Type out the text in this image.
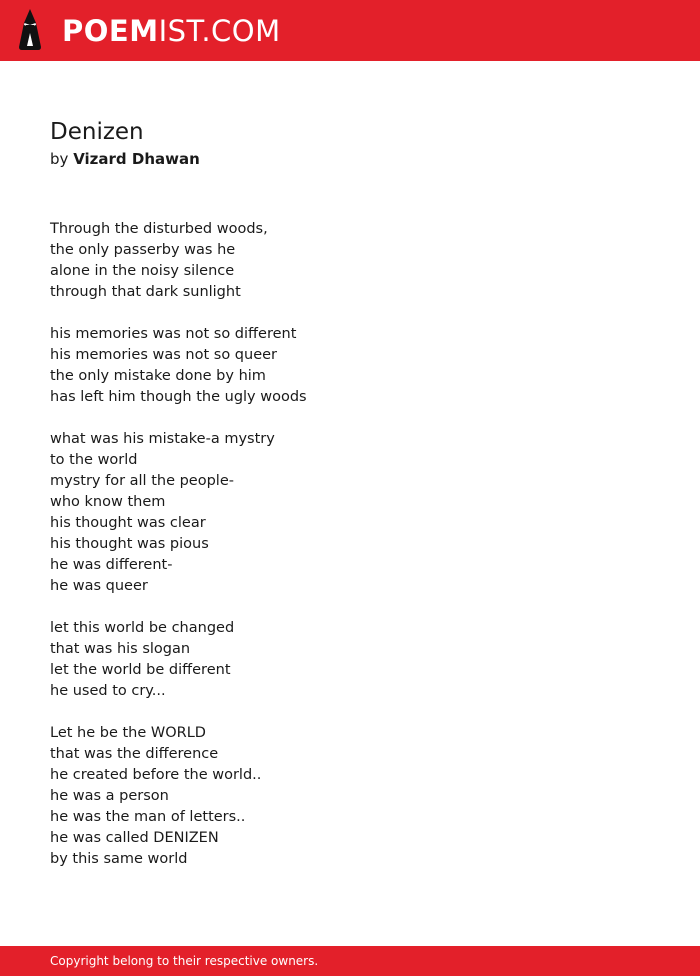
POEMIST.COM
Denizen
by Vizard Dhawan
Through the disturbed woods,
the only passerby was he
alone in the noisy silence
through that dark sunlight
his memories was not so different
his memories was not so queer
the only mistake done by him
has left him though the ugly woods
what was his mistake-a mystry
to the world
mystry for all the people-
who know them
his thought was clear
his thought was pious
he was different-
he was queer
let this world be changed
that was his slogan
let the world be different
he used to cry...
Let he be the WORLD
that was the difference
he created before the world..
he was a person
he was the man of letters..
he was called DENIZEN
by this same world
Copyright belong to their respective owners.
